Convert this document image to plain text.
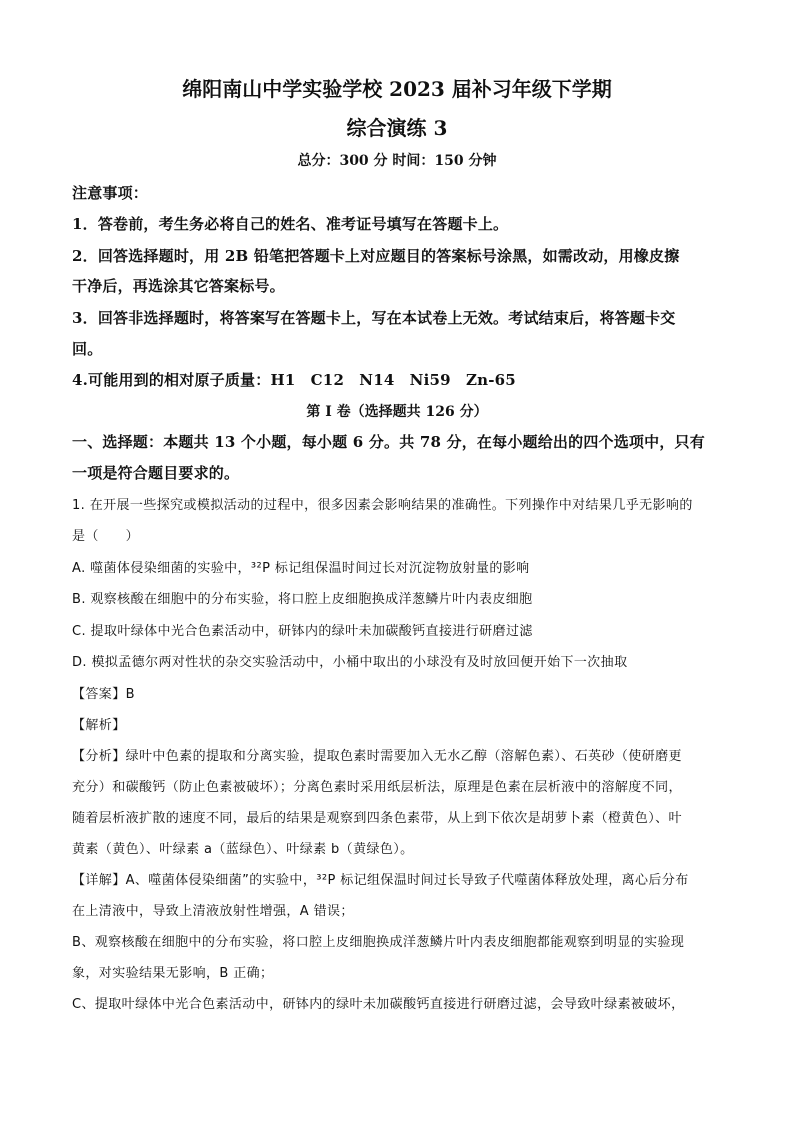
绵阳南山中学实验学校 2023 届补习年级下学期
综合演练 3
总分：300 分 时间：150 分钟
注意事项：
1．答卷前，考生务必将自己的姓名、准考证号填写在答题卡上。
2．回答选择题时，用 2B 铅笔把答题卡上对应题目的答案标号涂黑，如需改动，用橡皮擦
干净后，再选涂其它答案标号。
3．回答非选择题时，将答案写在答题卡上，写在本试卷上无效。考试结束后，将答题卡交
回。
4.可能用到的相对原子质量：H1　C12　N14　Ni59　Zn-65
第 I 卷（选择题共 126 分）
一、选择题：本题共 13 个小题，每小题 6 分。共 78 分，在每小题给出的四个选项中，只有
一项是符合题目要求的。
1. 在开展一些探究或模拟活动的过程中，很多因素会影响结果的准确性。下列操作中对结果几乎无影响的
是（　　）
A. 噬菌体侵染细菌的实验中，³²P 标记组保温时间过长对沉淀物放射量的影响
B. 观察核酸在细胞中的分布实验，将口腔上皮细胞换成洋葱鳞片叶内表皮细胞
C. 提取叶绿体中光合色素活动中，研钵内的绿叶未加碳酸钙直接进行研磨过滤
D. 模拟孟德尔两对性状的杂交实验活动中，小桶中取出的小球没有及时放回便开始下一次抽取
【答案】B
【解析】
【分析】绿叶中色素的提取和分离实验，提取色素时需要加入无水乙醇（溶解色素）、石英砂（使研磨更
充分）和碳酸钙（防止色素被破坏）；分离色素时采用纸层析法，原理是色素在层析液中的溶解度不同，
随着层析液扩散的速度不同，最后的结果是观察到四条色素带，从上到下依次是胡萝卜素（橙黄色）、叶
黄素（黄色）、叶绿素 a（蓝绿色）、叶绿素 b（黄绿色）。
【详解】A、噬菌体侵染细菌”的实验中，³²P 标记组保温时间过长导致子代噬菌体释放处理，离心后分布
在上清液中，导致上清液放射性增强，A 错误；
B、观察核酸在细胞中的分布实验，将口腔上皮细胞换成洋葱鳞片叶内表皮细胞都能观察到明显的实验现
象，对实验结果无影响，B 正确；
C、提取叶绿体中光合色素活动中，研钵内的绿叶未加碳酸钙直接进行研磨过滤，会导致叶绿素被破坏，
